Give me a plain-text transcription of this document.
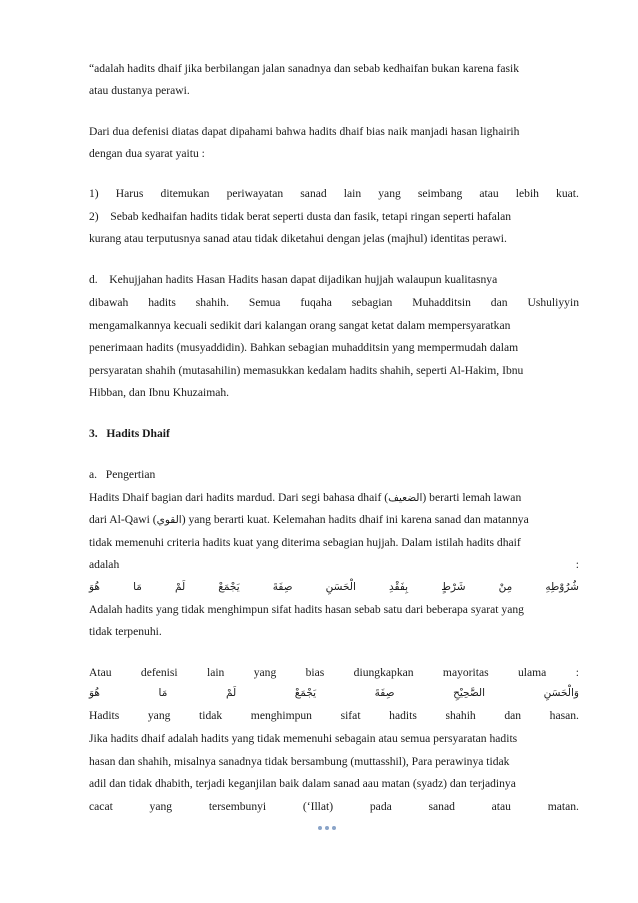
“adalah hadits dhaif jika berbilangan jalan sanadnya dan sebab kedhaifan bukan karena fasik
atau dustanya perawi.
Dari dua defenisi diatas dapat dipahami bahwa hadits dhaif bias naik manjadi hasan lighairih
dengan dua syarat yaitu :
1) Harus ditemukan periwayatan sanad lain yang seimbang atau lebih kuat.
2)    Sebab kedhaifan hadits tidak berat seperti dusta dan fasik, tetapi ringan seperti hafalan
kurang atau terputusnya sanad atau tidak diketahui dengan jelas (majhul) identitas perawi.
d.    Kehujjahan hadits Hasan Hadits hasan dapat dijadikan hujjah walaupun kualitasnya
dibawah hadits shahih. Semua fuqaha sebagian Muhadditsin dan Ushuliyyin
mengamalkannya kecuali sedikit dari kalangan orang sangat ketat dalam mempersyaratkan
penerimaan hadits (musyaddidin). Bahkan sebagian muhadditsin yang mempermudah dalam
persyaratan shahih (mutasahilin) memasukkan kedalam hadits shahih, seperti Al-Hakim, Ibnu
Hibban, dan Ibnu Khuzaimah.
3.   Hadits Dhaif
a.   Pengertian
Hadits Dhaif bagian dari hadits mardud. Dari segi bahasa dhaif (الضعيف) berarti lemah lawan
dari Al-Qawi (القوي) yang berarti kuat. Kelemahan hadits dhaif ini karena sanad dan matannya
tidak memenuhi criteria hadits kuat yang diterima sebagian hujjah. Dalam istilah hadits dhaif
adalah	:
هُوَ	مَا	لَمْ	يَجْمَعْ	صِفَةَ	الْحَسَنِ	بِفَقْدِ	شَرْطٍ	مِنْ	شُرُوْطِهِ
Adalah hadits yang tidak menghimpun sifat hadits hasan sebab satu dari beberapa syarat yang
tidak terpenuhi.
Atau	defenisi	lain	yang	bias	diungkapkan	mayoritas	ulama	:
هُوَ	مَا	لَمْ	يَجْمَعْ	صِفَةَ	الصَّحِيْحِ	وَالْحَسَنِ
Hadits yang tidak menghimpun sifat hadits shahih dan hasan.
Jika hadits dhaif adalah hadits yang tidak memenuhi sebagain atau semua persyaratan hadits
hasan dan shahih, misalnya sanadnya tidak bersambung (muttasshil), Para perawinya tidak
adil dan tidak dhabith, terjadi keganjilan baik dalam sanad aau matan (syadz) dan terjadinya
cacat	yang	tersembunyi	(‘Illat)	pada	sanad	atau	matan.
